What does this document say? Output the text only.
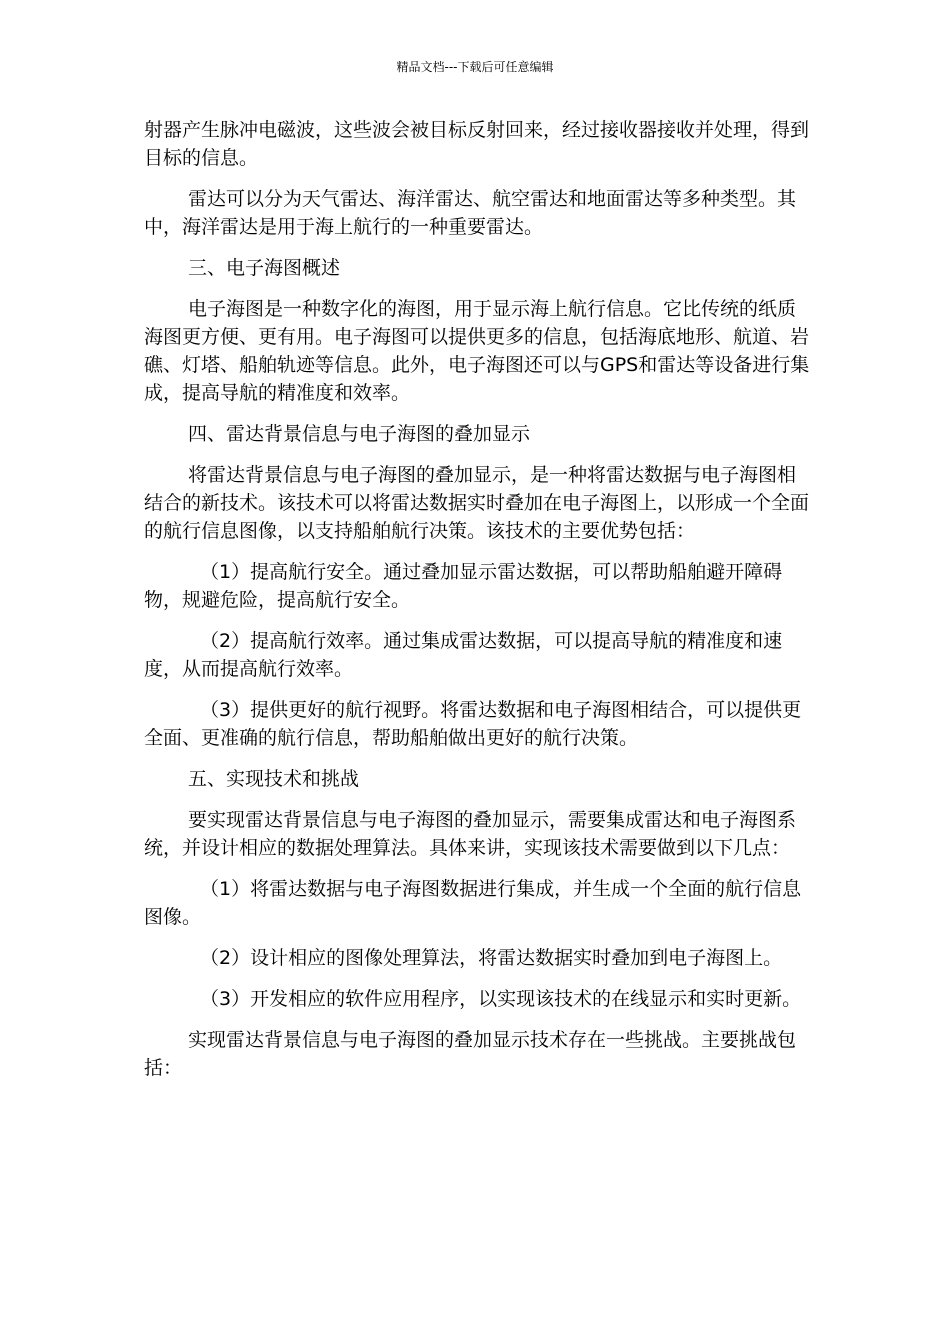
精品文档---下载后可任意编辑

射器产生脉冲电磁波，这些波会被目标反射回来，经过接收器接收并处理，得到目标的信息。

雷达可以分为天气雷达、海洋雷达、航空雷达和地面雷达等多种类型。其中，海洋雷达是用于海上航行的一种重要雷达。

三、电子海图概述

电子海图是一种数字化的海图，用于显示海上航行信息。它比传统的纸质海图更方便、更有用。电子海图可以提供更多的信息，包括海底地形、航道、岩礁、灯塔、船舶轨迹等信息。此外，电子海图还可以与GPS和雷达等设备进行集成，提高导航的精准度和效率。

四、雷达背景信息与电子海图的叠加显示

将雷达背景信息与电子海图的叠加显示，是一种将雷达数据与电子海图相结合的新技术。该技术可以将雷达数据实时叠加在电子海图上，以形成一个全面的航行信息图像，以支持船舶航行决策。该技术的主要优势包括：

（1）提高航行安全。通过叠加显示雷达数据，可以帮助船舶避开障碍物，规避危险，提高航行安全。

（2）提高航行效率。通过集成雷达数据，可以提高导航的精准度和速度，从而提高航行效率。

（3）提供更好的航行视野。将雷达数据和电子海图相结合，可以提供更全面、更准确的航行信息，帮助船舶做出更好的航行决策。

五、实现技术和挑战

要实现雷达背景信息与电子海图的叠加显示，需要集成雷达和电子海图系统，并设计相应的数据处理算法。具体来讲，实现该技术需要做到以下几点：

（1）将雷达数据与电子海图数据进行集成，并生成一个全面的航行信息图像。

（2）设计相应的图像处理算法，将雷达数据实时叠加到电子海图上。

（3）开发相应的软件应用程序，以实现该技术的在线显示和实时更新。

实现雷达背景信息与电子海图的叠加显示技术存在一些挑战。主要挑战包括：
